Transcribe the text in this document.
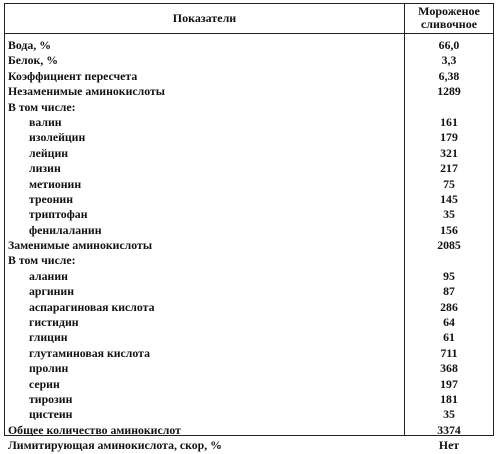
Показатели	Мороженое
сливочное
Вода, %	66,0
Белок, %	3,3
Коэффициент пересчета	6,38
Незаменимые аминокислоты	1289
В том числе:
валин	161
изолейцин	179
лейцин	321
лизин	217
метионин	75
треонин	145
триптофан	35
фенилаланин	156
Заменимые аминокислоты	2085
В том числе:
аланин	95
аргинин	87
аспарагиновая кислота	286
гистидин	64
глицин	61
глутаминовая кислота	711
пролин	368
серин	197
тирозин	181
цистеин	35
Общее количество аминокислот	3374
Лимитирующая аминокислота, скор, %	Нет
